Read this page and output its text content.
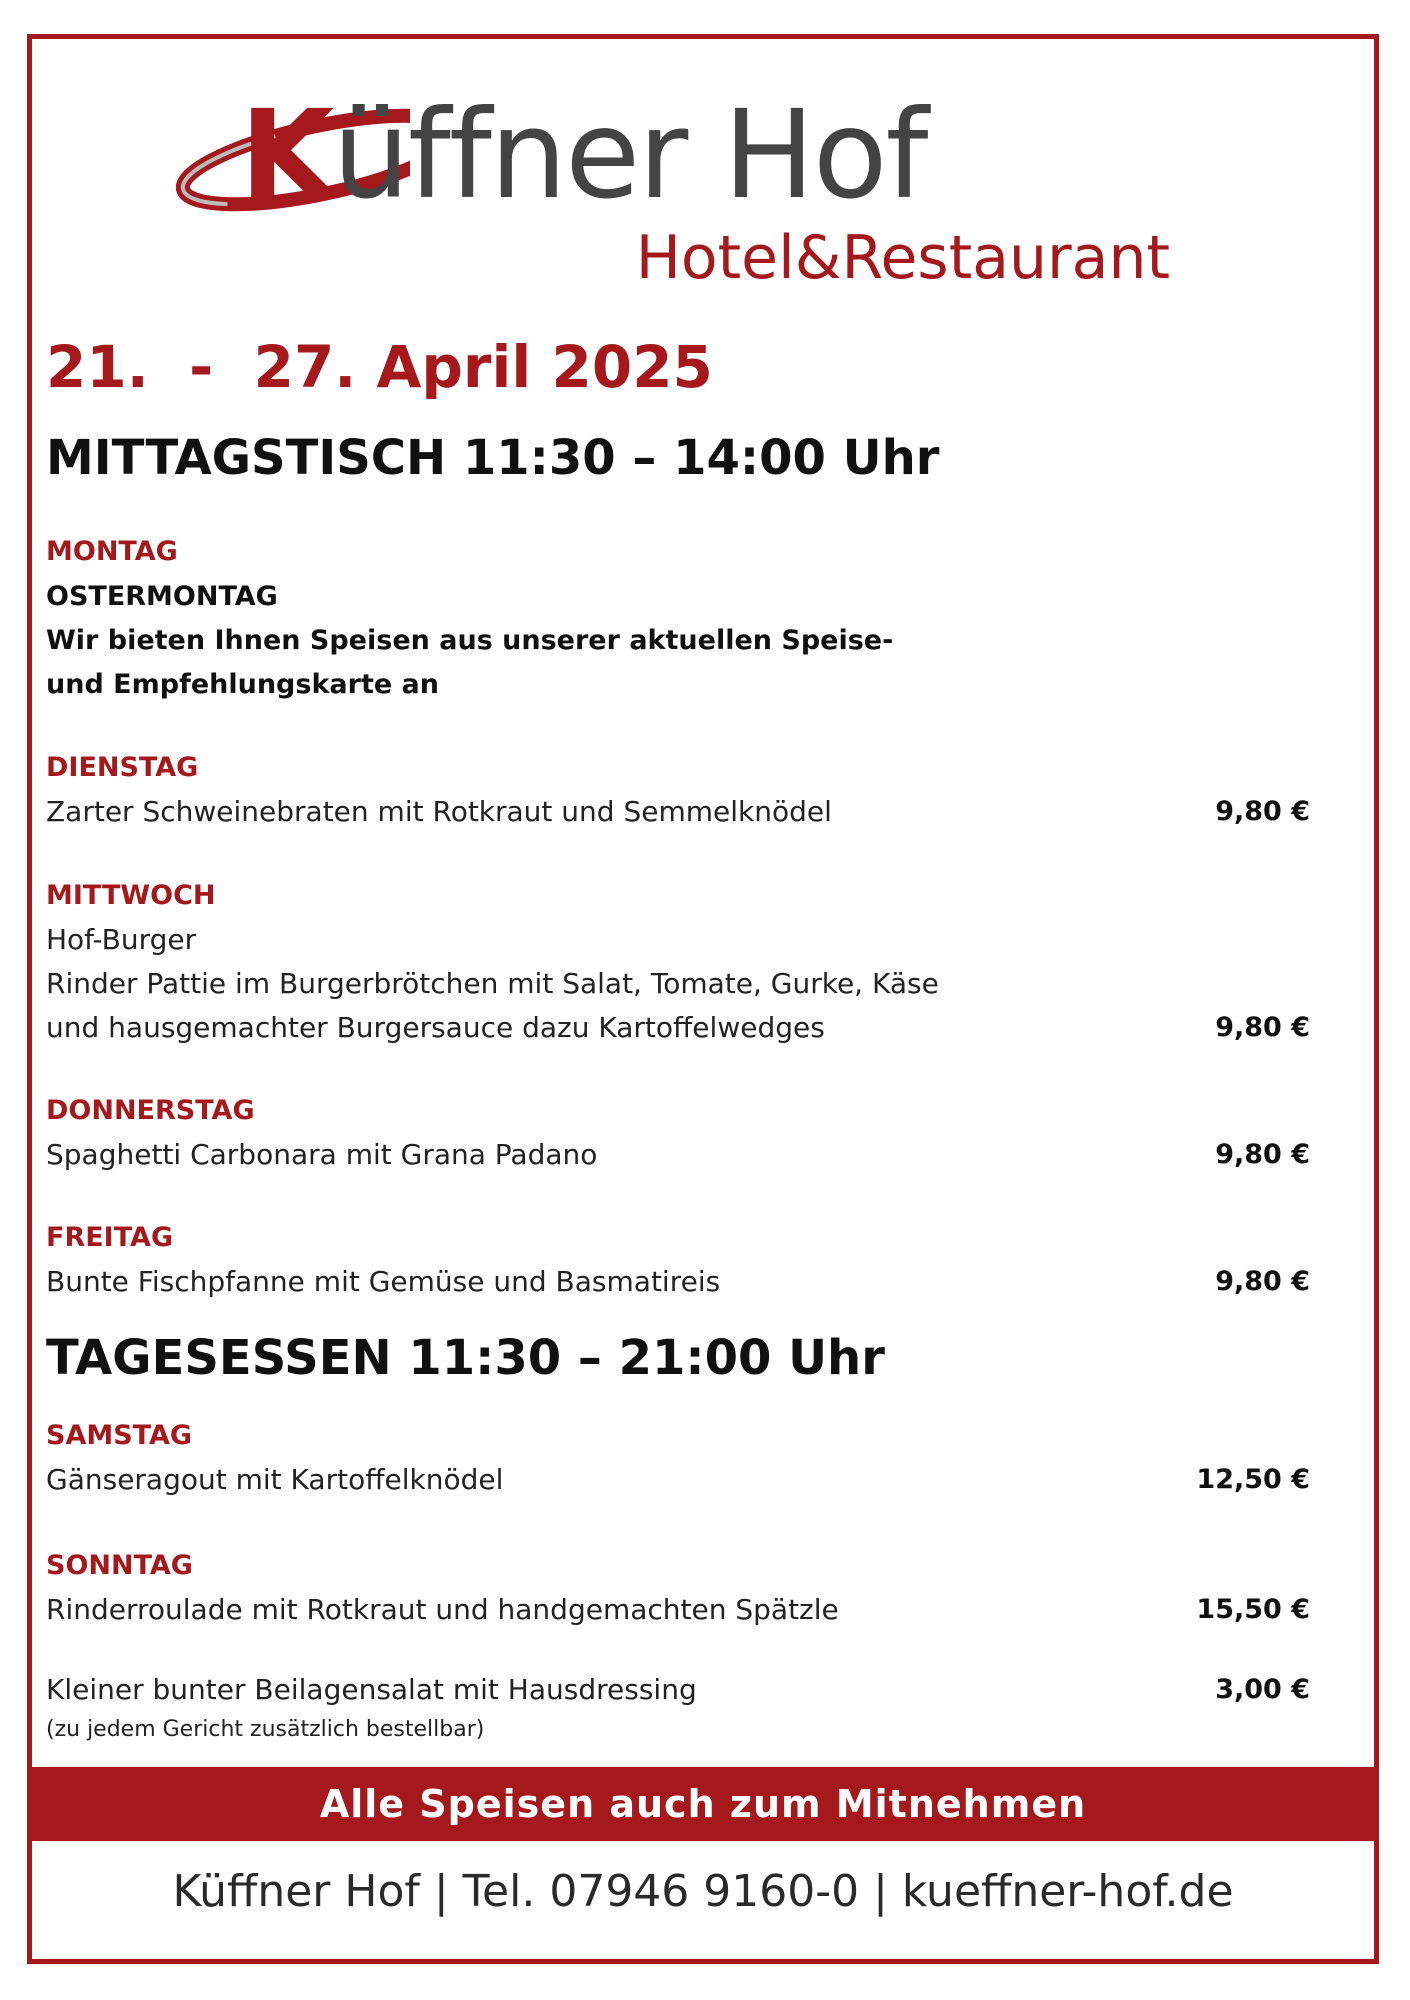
Küffner Hof
Hotel&Restaurant
21.  -  27. April 2025
MITTAGSTISCH 11:30 – 14:00 Uhr
MONTAG
OSTERMONTAG
Wir bieten Ihnen Speisen aus unserer aktuellen Speise-
und Empfehlungskarte an
DIENSTAG
Zarter Schweinebraten mit Rotkraut und Semmelknödel	9,80 €
MITTWOCH
Hof-Burger
Rinder Pattie im Burgerbrötchen mit Salat, Tomate, Gurke, Käse
und hausgemachter Burgersauce dazu Kartoffelwedges	9,80 €
DONNERSTAG
Spaghetti Carbonara mit Grana Padano	9,80 €
FREITAG
Bunte Fischpfanne mit Gemüse und Basmatireis	9,80 €
TAGESESSEN 11:30 – 21:00 Uhr
SAMSTAG
Gänseragout mit Kartoffelknödel	12,50 €
SONNTAG
Rinderroulade mit Rotkraut und handgemachten Spätzle	15,50 €
Kleiner bunter Beilagensalat mit Hausdressing	3,00 €
(zu jedem Gericht zusätzlich bestellbar)
Alle Speisen auch zum Mitnehmen
Küffner Hof | Tel. 07946 9160-0 | kueffner-hof.de
